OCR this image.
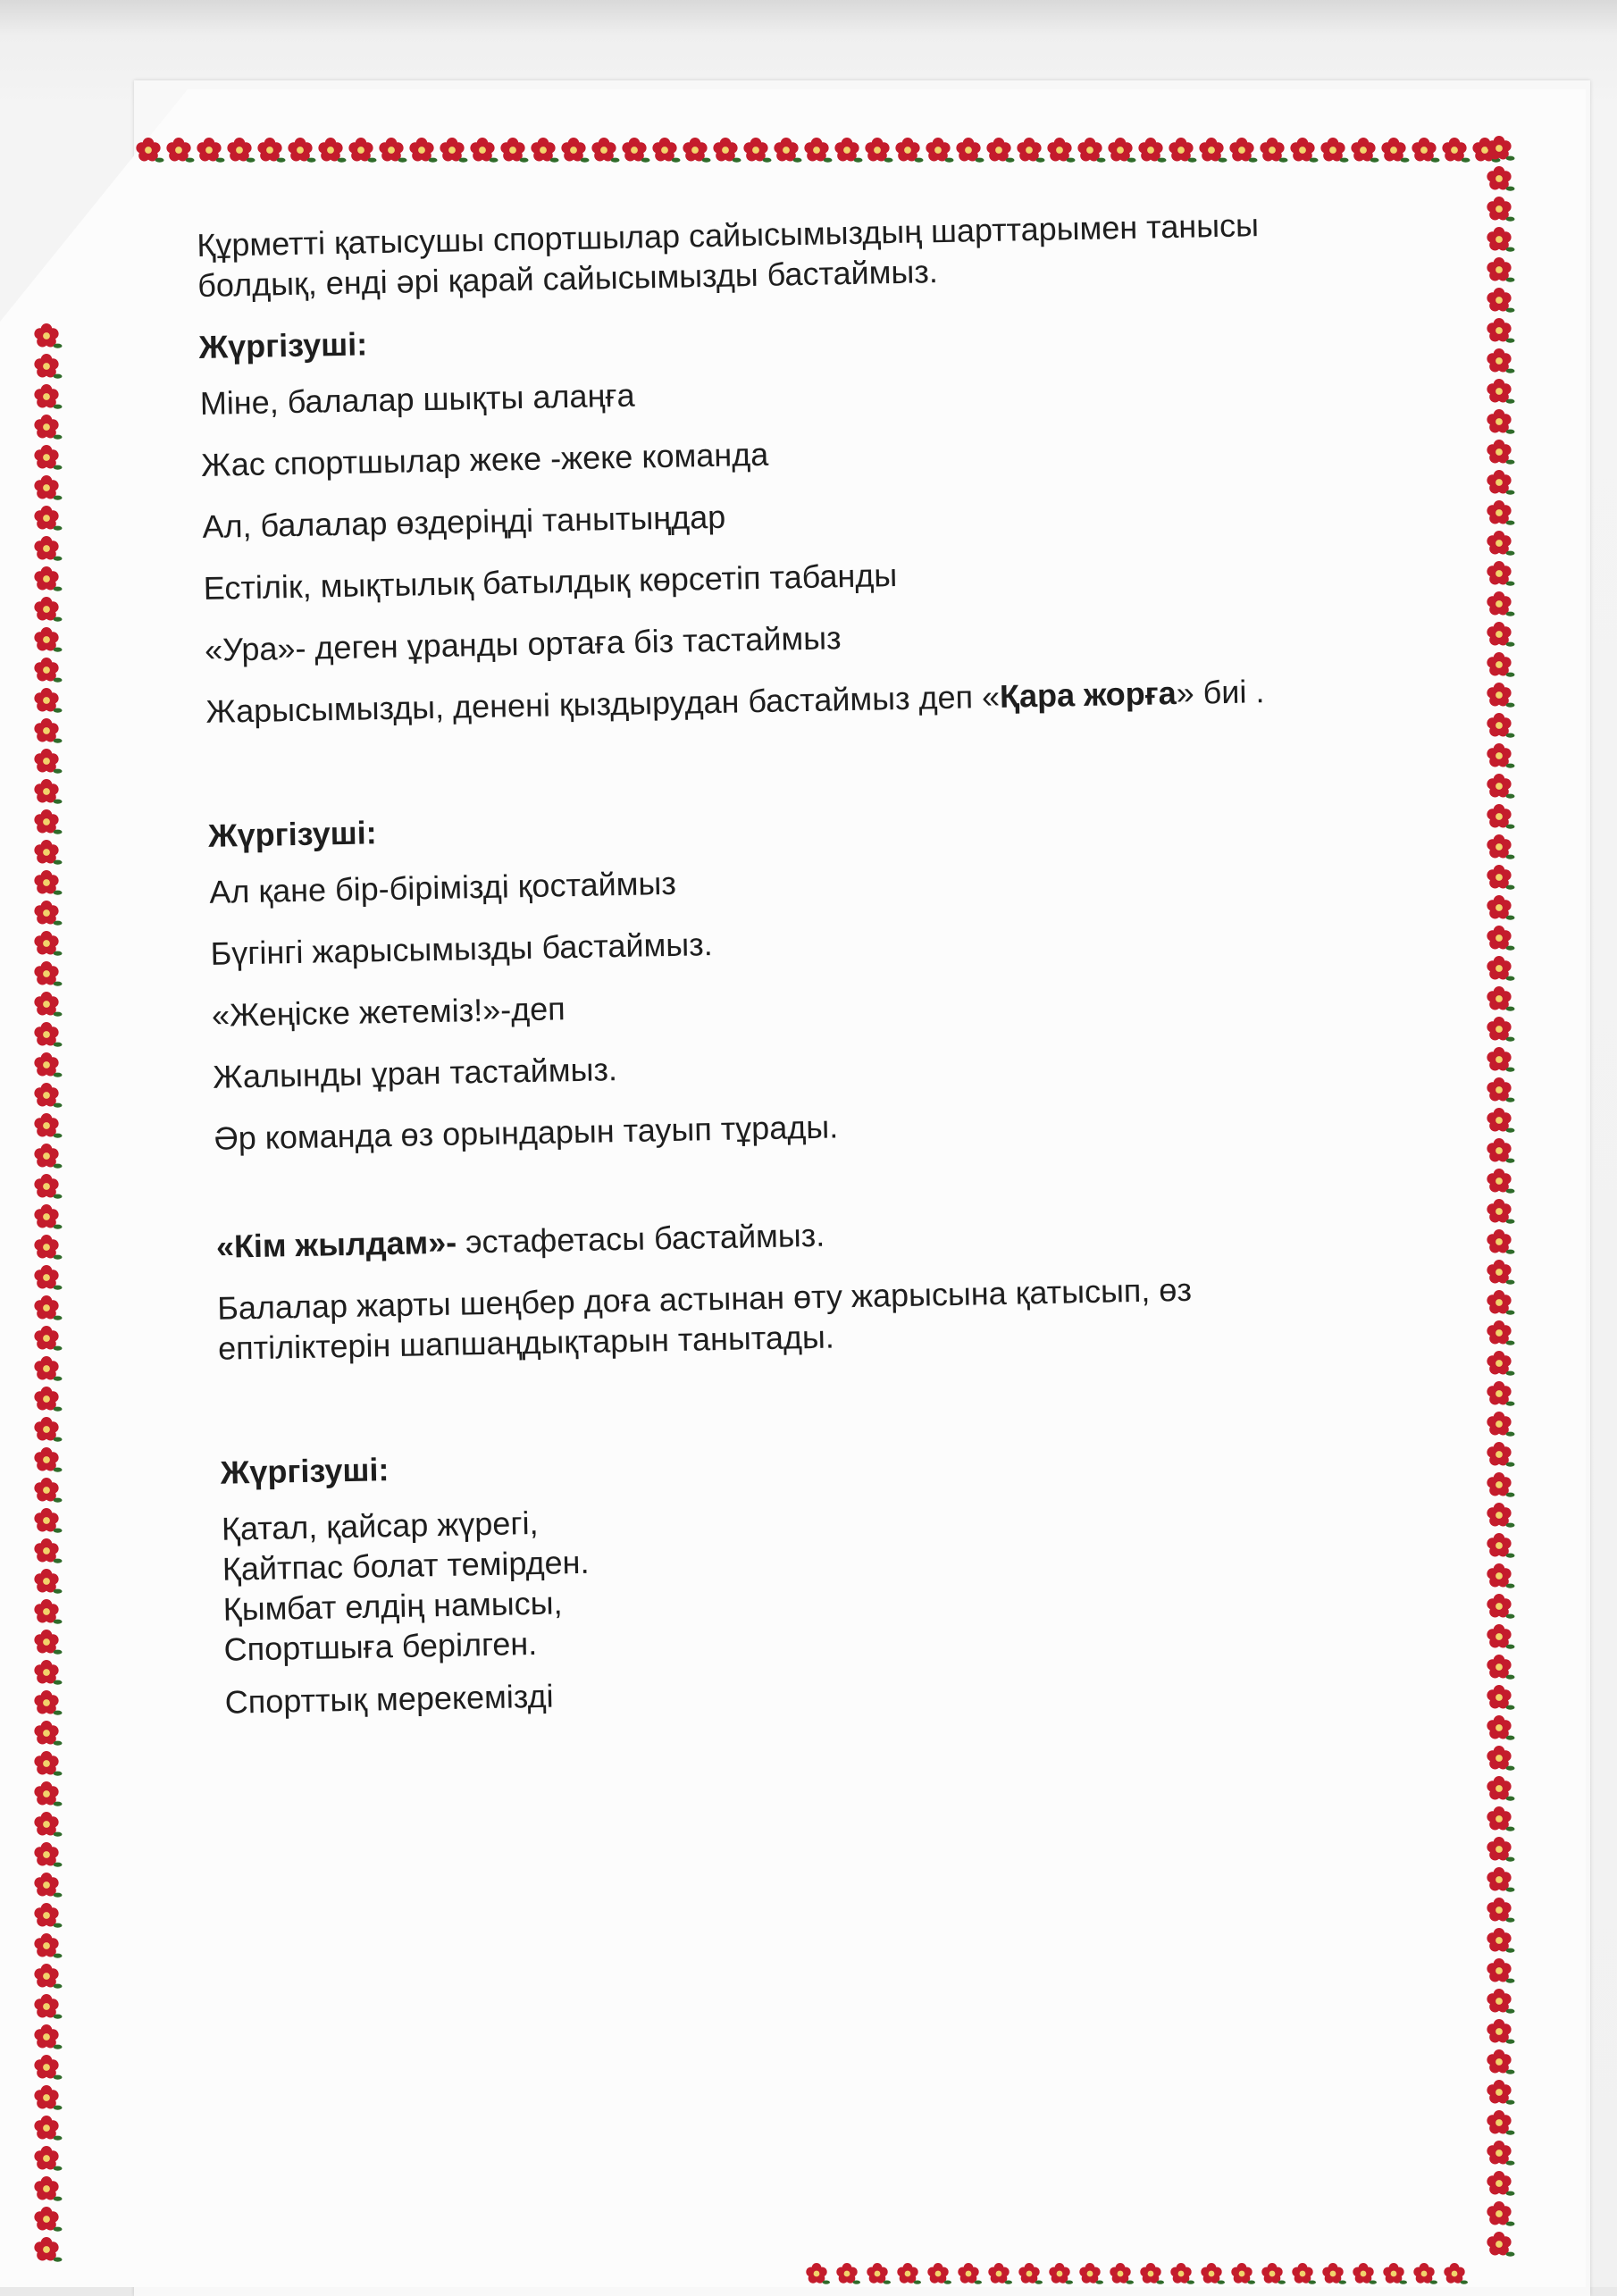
Құрметті қатысушы спортшылар сайысымыздың шарттарымен танысы
болдық, енді әрі қарай сайысымызды бастаймыз.
Жүргізуші:
Міне, балалар шықты алаңға
Жас спортшылар жеке -жеке команда
Ал, балалар өздеріңді танытыңдар
Естілік, мықтылық батылдық көрсетіп табанды
«Ура»- деген ұранды ортаға біз тастаймыз
Жарысымызды, денені қыздырудан бастаймыз деп «Қара жорға» биі .
Жүргізуші:
Ал қане бір-бірімізді қостаймыз
Бүгінгі жарысымызды бастаймыз.
«Жеңіске жетеміз!»-деп
Жалынды ұран тастаймыз.
Әр команда өз орындарын тауып тұрады.
«Кім жылдам»- эстафетасы бастаймыз.
Балалар жарты шеңбер доға астынан өту жарысына қатысып, өз
ептіліктерін шапшаңдықтарын танытады.
Жүргізуші:
Қатал, қайсар жүрегі,
Қайтпас болат темірден.
Қымбат елдің намысы,
Спортшыға берілген.
Спорттық мерекемізді
